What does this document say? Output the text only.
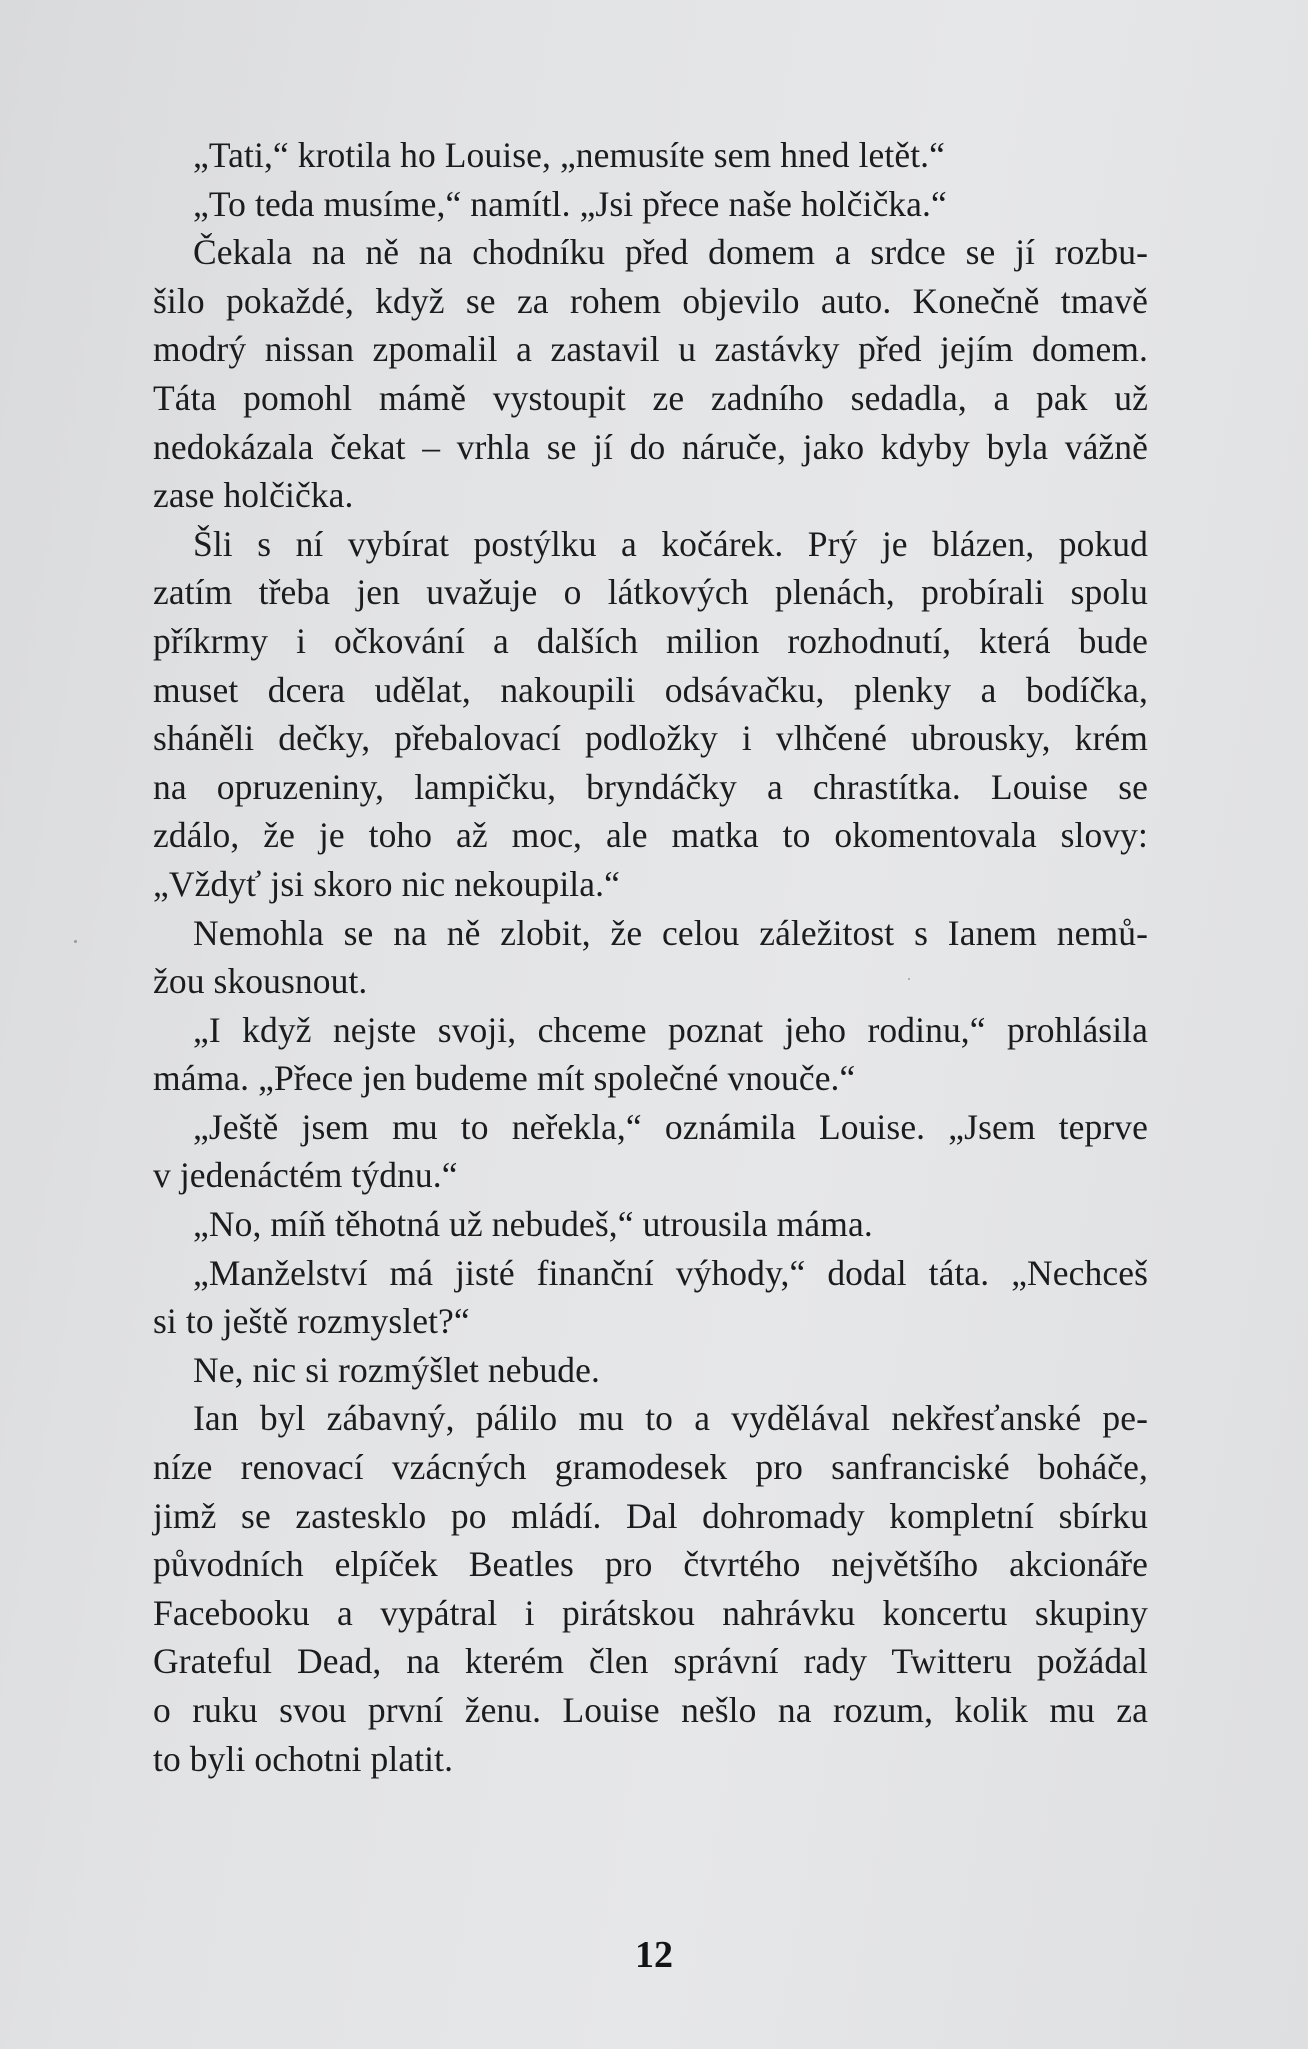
„Tati,“ krotila ho Louise, „nemusíte sem hned letět.“
„To teda musíme,“ namítl. „Jsi přece naše holčička.“
Čekala na ně na chodníku před domem a srdce se jí rozbu-
šilo pokaždé, když se za rohem objevilo auto. Konečně tmavě
modrý nissan zpomalil a zastavil u zastávky před jejím domem.
Táta pomohl mámě vystoupit ze zadního sedadla, a pak už
nedokázala čekat – vrhla se jí do náruče, jako kdyby byla vážně
zase holčička.
Šli s ní vybírat postýlku a kočárek. Prý je blázen, pokud
zatím třeba jen uvažuje o látkových plenách, probírali spolu
příkrmy i očkování a dalších milion rozhodnutí, která bude
muset dcera udělat, nakoupili odsávačku, plenky a bodíčka,
sháněli dečky, přebalovací podložky i vlhčené ubrousky, krém
na opruzeniny, lampičku, bryndáčky a chrastítka. Louise se
zdálo, že je toho až moc, ale matka to okomentovala slovy:
„Vždyť jsi skoro nic nekoupila.“
Nemohla se na ně zlobit, že celou záležitost s Ianem nemů-
žou skousnout.
„I když nejste svoji, chceme poznat jeho rodinu,“ prohlásila
máma. „Přece jen budeme mít společné vnouče.“
„Ještě jsem mu to neřekla,“ oznámila Louise. „Jsem teprve
v jedenáctém týdnu.“
„No, míň těhotná už nebudeš,“ utrousila máma.
„Manželství má jisté finanční výhody,“ dodal táta. „Nechceš
si to ještě rozmyslet?“
Ne, nic si rozmýšlet nebude.
Ian byl zábavný, pálilo mu to a vydělával nekřesťanské pe-
níze renovací vzácných gramodesek pro sanfranciské boháče,
jimž se zastesklo po mládí. Dal dohromady kompletní sbírku
původních elpíček Beatles pro čtvrtého největšího akcionáře
Facebooku a vypátral i pirátskou nahrávku koncertu skupiny
Grateful Dead, na kterém člen správní rady Twitteru požádal
o ruku svou první ženu. Louise nešlo na rozum, kolik mu za
to byli ochotni platit.
12
